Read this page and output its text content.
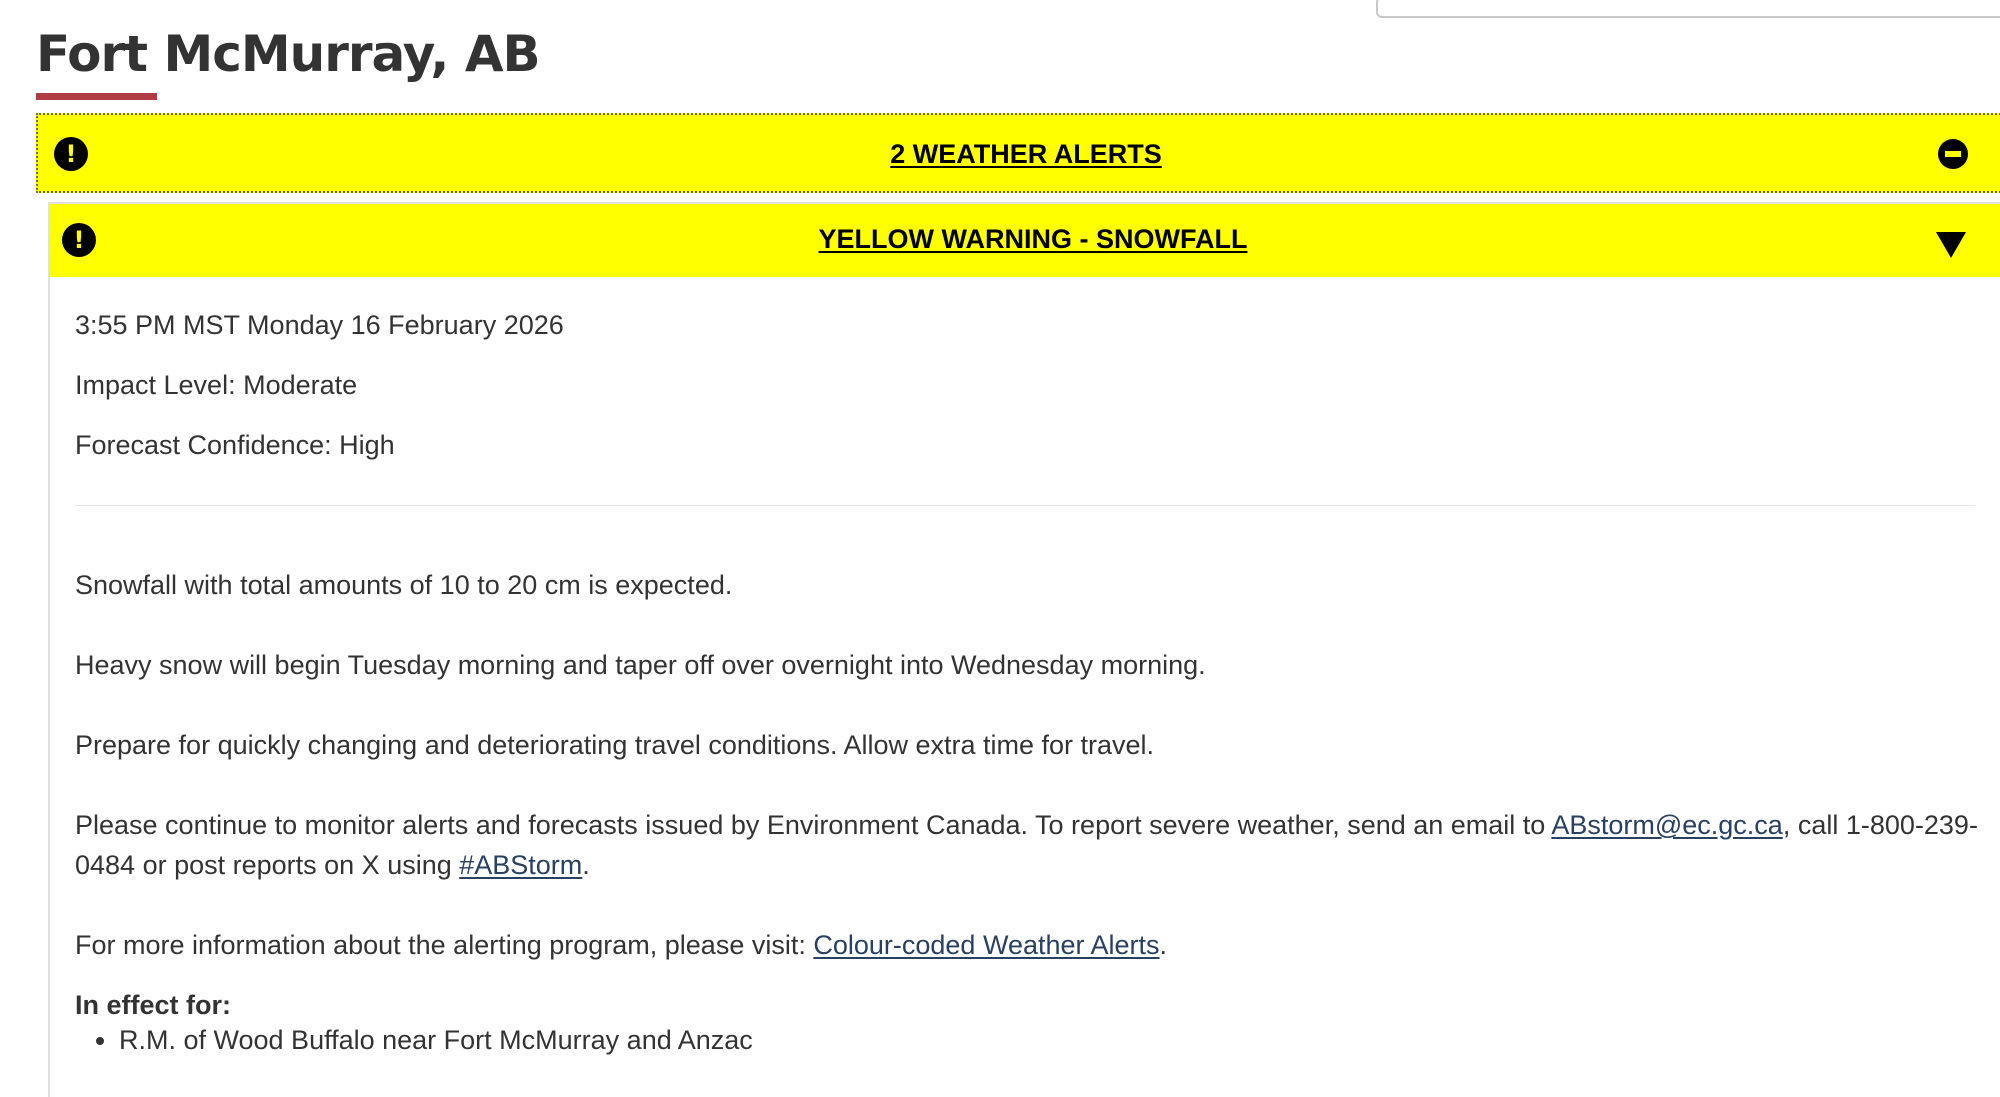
Fort McMurray, AB
!	2 WEATHER ALERTS
!	YELLOW WARNING - SNOWFALL

3:55 PM MST Monday 16 February 2026

Impact Level: Moderate

Forecast Confidence: High

Snowfall with total amounts of 10 to 20 cm is expected.

Heavy snow will begin Tuesday morning and taper off over overnight into Wednesday morning.

Prepare for quickly changing and deteriorating travel conditions. Allow extra time for travel.

Please continue to monitor alerts and forecasts issued by Environment Canada. To report severe weather, send an email to ABstorm@ec.gc.ca, call 1-800-239-0484 or post reports on X using #ABStorm.

For more information about the alerting program, please visit: Colour-coded Weather Alerts.

In effect for:

• R.M. of Wood Buffalo near Fort McMurray and Anzac
